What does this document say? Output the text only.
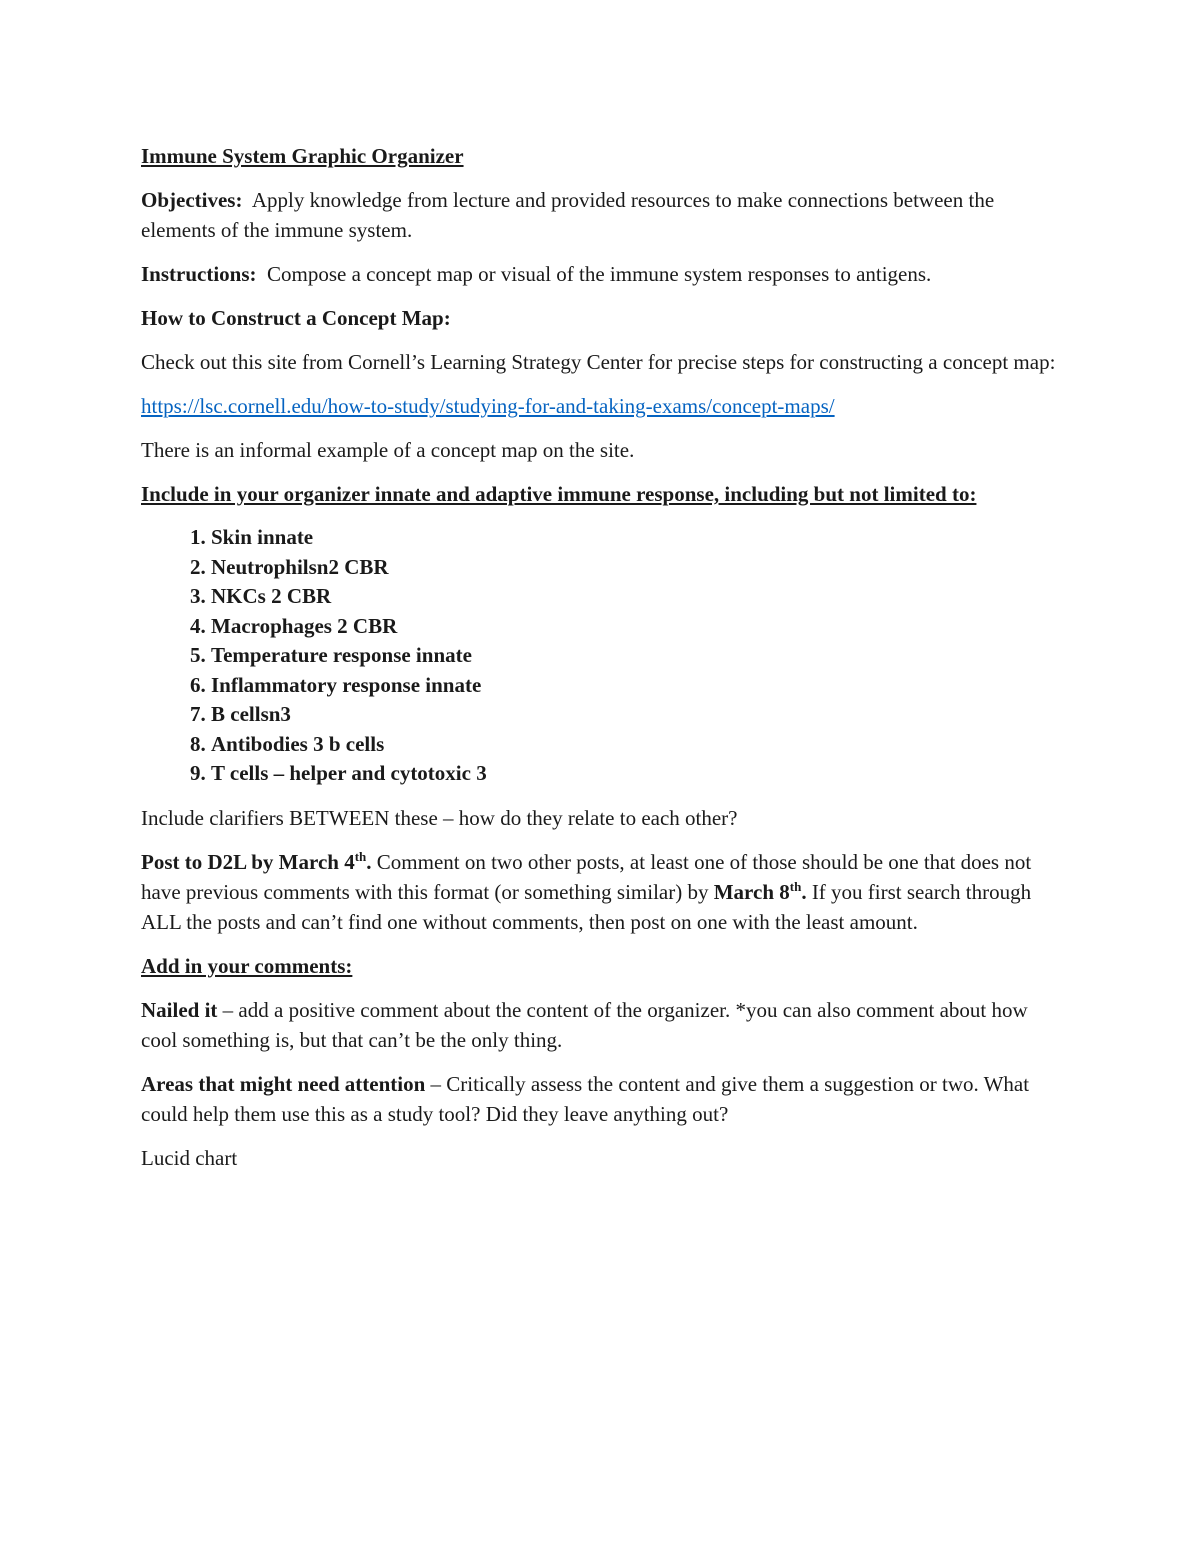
Immune System Graphic Organizer

Objectives: Apply knowledge from lecture and provided resources to make connections between the elements of the immune system.

Instructions: Compose a concept map or visual of the immune system responses to antigens.

How to Construct a Concept Map:

Check out this site from Cornell’s Learning Strategy Center for precise steps for constructing a concept map:

https://lsc.cornell.edu/how-to-study/studying-for-and-taking-exams/concept-maps/

There is an informal example of a concept map on the site.

Include in your organizer innate and adaptive immune response, including but not limited to:

1. Skin innate
2. Neutrophilsn2 CBR
3. NKCs 2 CBR
4. Macrophages 2 CBR
5. Temperature response innate
6. Inflammatory response innate
7. B cellsn3
8. Antibodies 3 b cells
9. T cells – helper and cytotoxic 3

Include clarifiers BETWEEN these – how do they relate to each other?

Post to D2L by March 4th. Comment on two other posts, at least one of those should be one that does not have previous comments with this format (or something similar) by March 8th. If you first search through ALL the posts and can’t find one without comments, then post on one with the least amount.

Add in your comments:

Nailed it – add a positive comment about the content of the organizer. *you can also comment about how cool something is, but that can’t be the only thing.

Areas that might need attention – Critically assess the content and give them a suggestion or two. What could help them use this as a study tool? Did they leave anything out?

Lucid chart
